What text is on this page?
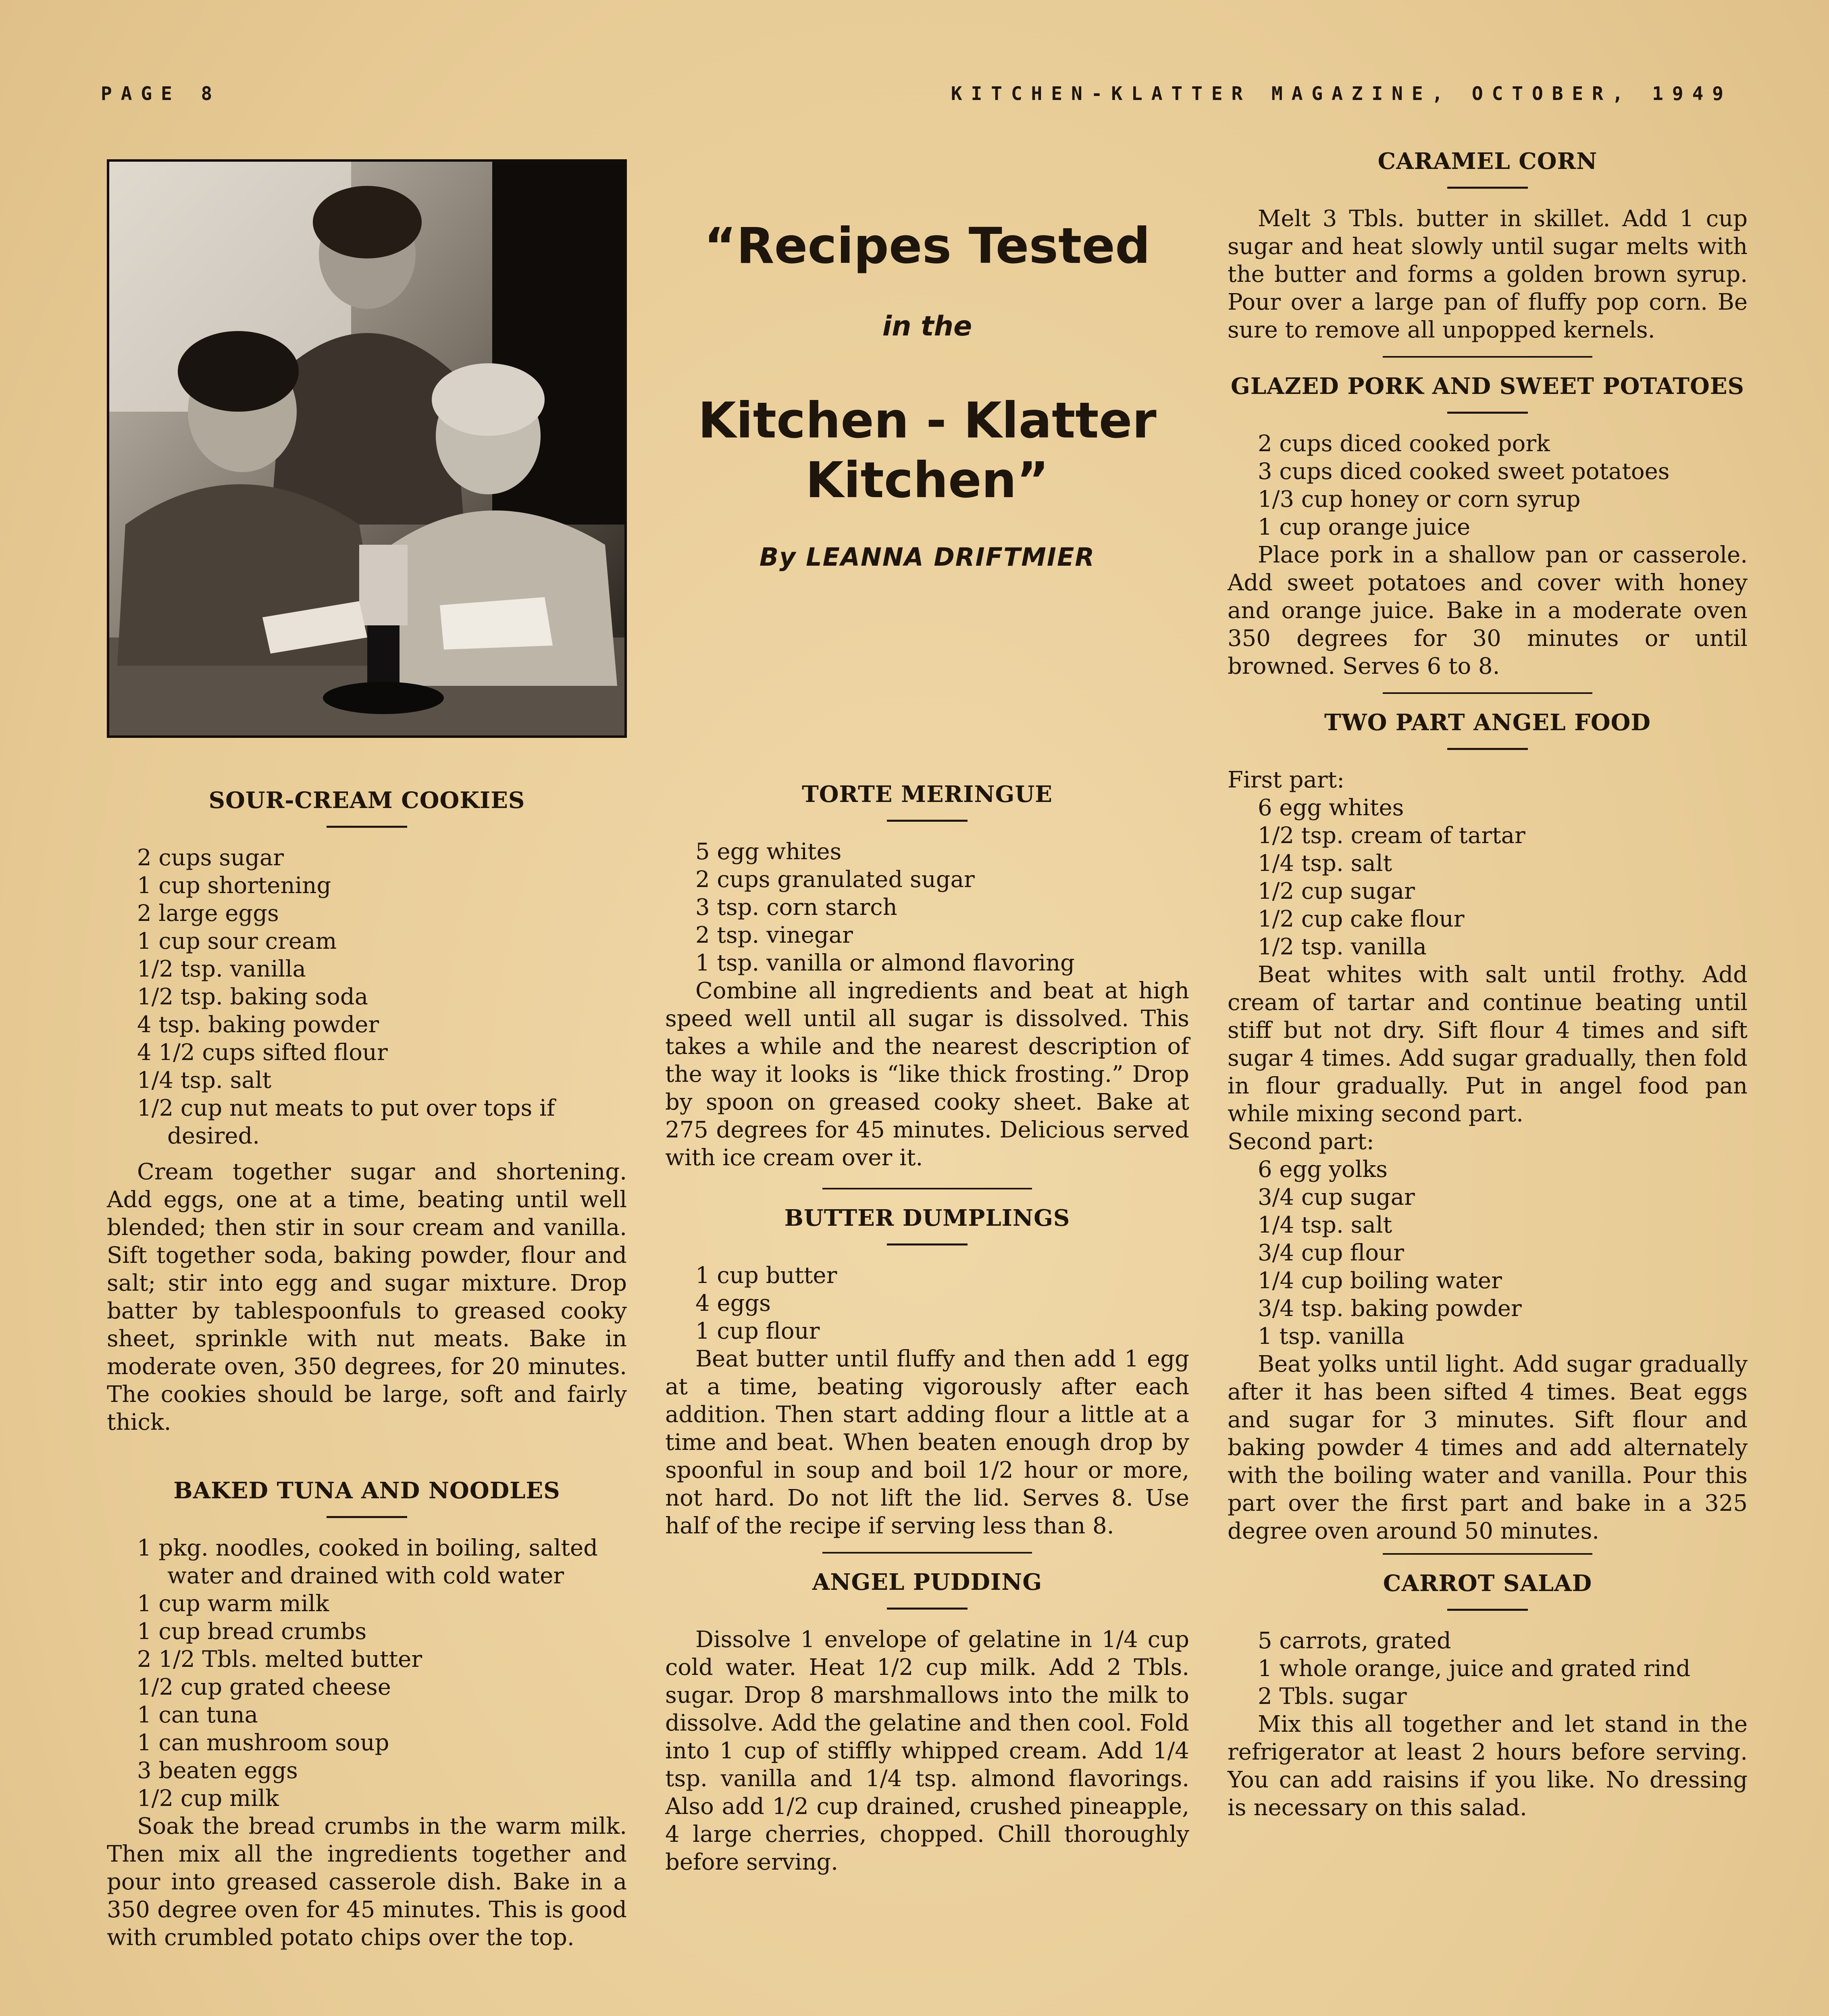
PAGE 8	KITCHEN-KLATTER MAGAZINE, OCTOBER, 1949
“Recipes Tested
in the
Kitchen - Klatter
Kitchen”
By LEANNA DRIFTMIER
SOUR-CREAM COOKIES
2 cups sugar
1 cup shortening
2 large eggs
1 cup sour cream
1/2 tsp. vanilla
1/2 tsp. baking soda
4 tsp. baking powder
4 1/2 cups sifted flour
1/4 tsp. salt
1/2 cup nut meats to put over tops if desired.

Cream together sugar and shortening. Add eggs, one at a time, beating until well blended; then stir in sour cream and vanilla. Sift together soda, baking powder, flour and salt; stir into egg and sugar mixture. Drop batter by tablespoonfuls to greased cooky sheet, sprinkle with nut meats. Bake in moderate oven, 350 degrees, for 20 minutes. The cookies should be large, soft and fairly thick.

BAKED TUNA AND NOODLES
1 pkg. noodles, cooked in boiling, salted water and drained with cold water
1 cup warm milk
1 cup bread crumbs
2 1/2 Tbls. melted butter
1/2 cup grated cheese
1 can tuna
1 can mushroom soup
3 beaten eggs
1/2 cup milk

Soak the bread crumbs in the warm milk. Then mix all the ingredients together and pour into greased casserole dish. Bake in a 350 degree oven for 45 minutes. This is good with crumbled potato chips over the top.

TORTE MERINGUE
5 egg whites
2 cups granulated sugar
3 tsp. corn starch
2 tsp. vinegar
1 tsp. vanilla or almond flavoring

Combine all ingredients and beat at high speed well until all sugar is dissolved. This takes a while and the nearest description of the way it looks is “like thick frosting.” Drop by spoon on greased cooky sheet. Bake at 275 degrees for 45 minutes. Delicious served with ice cream over it.

BUTTER DUMPLINGS
1 cup butter
4 eggs
1 cup flour

Beat butter until fluffy and then add 1 egg at a time, beating vigorously after each addition. Then start adding flour a little at a time and beat. When beaten enough drop by spoonful in soup and boil 1/2 hour or more, not hard. Do not lift the lid. Serves 8. Use half of the recipe if serving less than 8.

ANGEL PUDDING

Dissolve 1 envelope of gelatine in 1/4 cup cold water. Heat 1/2 cup milk. Add 2 Tbls. sugar. Drop 8 marshmallows into the milk to dissolve. Add the gelatine and then cool. Fold into 1 cup of stiffly whipped cream. Add 1/4 tsp. vanilla and 1/4 tsp. almond flavorings. Also add 1/2 cup drained, crushed pineapple, 4 large cherries, chopped. Chill thoroughly before serving.

CARAMEL CORN

Melt 3 Tbls. butter in skillet. Add 1 cup sugar and heat slowly until sugar melts with the butter and forms a golden brown syrup. Pour over a large pan of fluffy pop corn. Be sure to remove all unpopped kernels.

GLAZED PORK AND SWEET POTATOES
2 cups diced cooked pork
3 cups diced cooked sweet potatoes
1/3 cup honey or corn syrup
1 cup orange juice

Place pork in a shallow pan or casserole. Add sweet potatoes and cover with honey and orange juice. Bake in a moderate oven 350 degrees for 30 minutes or until browned. Serves 6 to 8.

TWO PART ANGEL FOOD
First part:
6 egg whites
1/2 tsp. cream of tartar
1/4 tsp. salt
1/2 cup sugar
1/2 cup cake flour
1/2 tsp. vanilla

Beat whites with salt until frothy. Add cream of tartar and continue beating until stiff but not dry. Sift flour 4 times and sift sugar 4 times. Add sugar gradually, then fold in flour gradually. Put in angel food pan while mixing second part.

Second part:
6 egg yolks
3/4 cup sugar
1/4 tsp. salt
3/4 cup flour
1/4 cup boiling water
3/4 tsp. baking powder
1 tsp. vanilla

Beat yolks until light. Add sugar gradually after it has been sifted 4 times. Beat eggs and sugar for 3 minutes. Sift flour and baking powder 4 times and add alternately with the boiling water and vanilla. Pour this part over the first part and bake in a 325 degree oven around 50 minutes.

CARROT SALAD
5 carrots, grated
1 whole orange, juice and grated rind
2 Tbls. sugar

Mix this all together and let stand in the refrigerator at least 2 hours before serving. You can add raisins if you like. No dressing is necessary on this salad.
